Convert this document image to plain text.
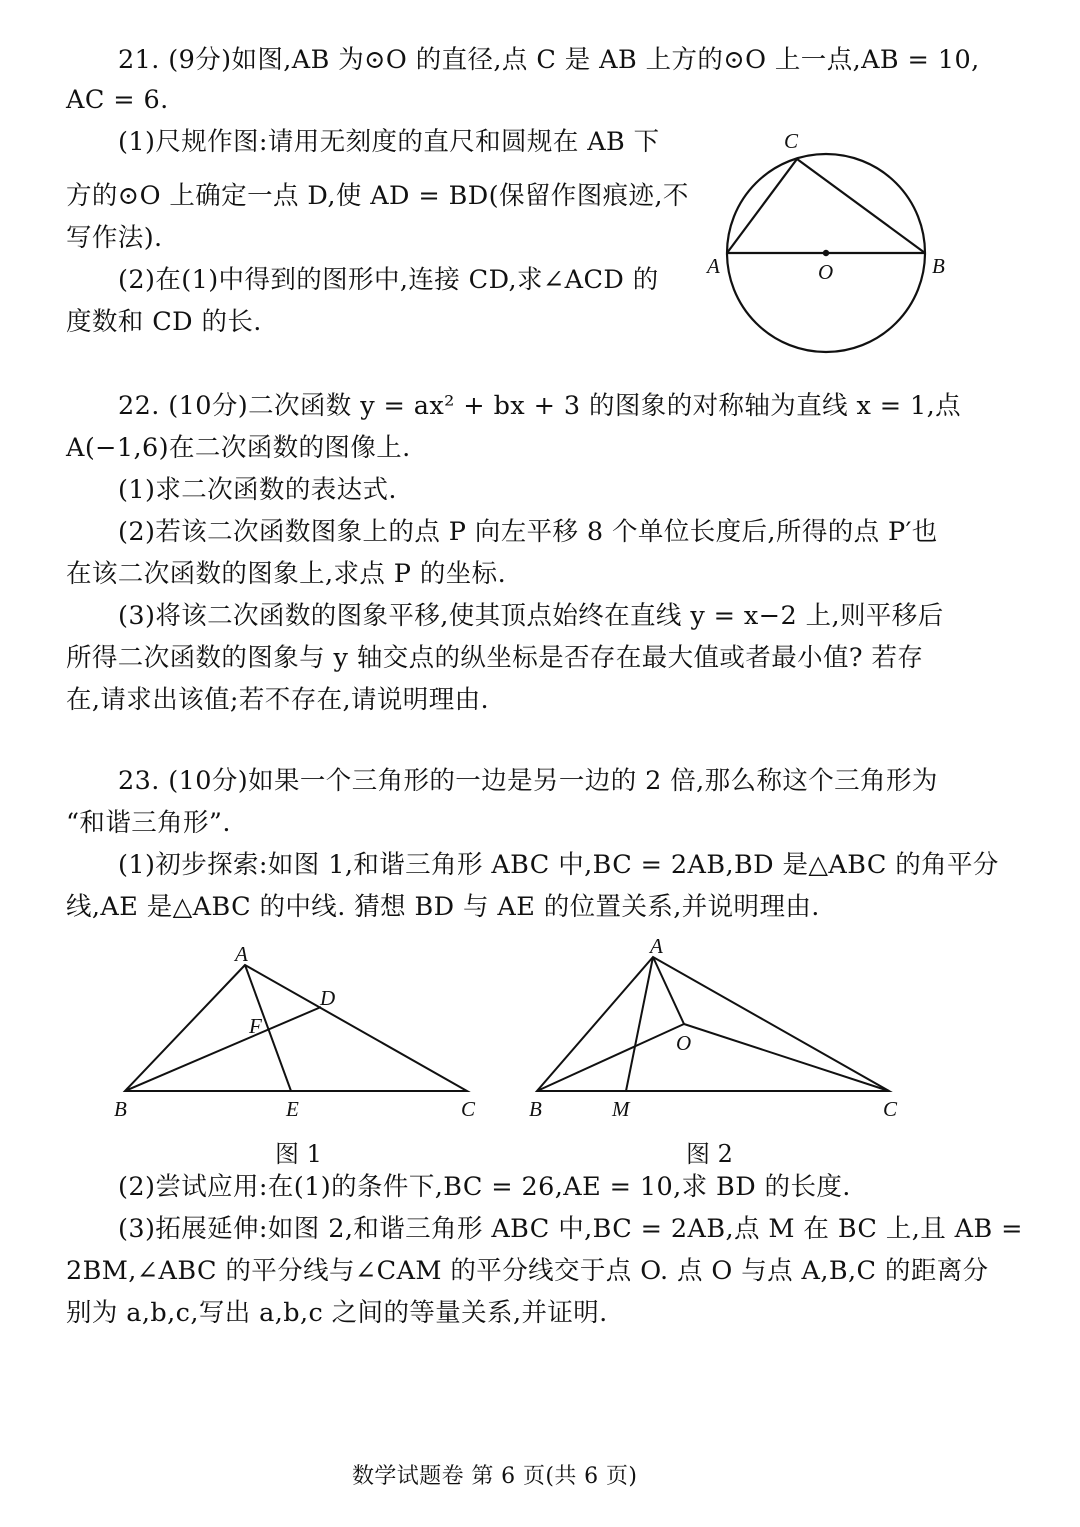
21. (9分)如图,AB 为⊙O 的直径,点 C 是 AB 上方的⊙O 上一点,AB = 10,
AC = 6.
(1)尺规作图:请用无刻度的直尺和圆规在 AB 下
方的⊙O 上确定一点 D,使 AD = BD(保留作图痕迹,不
写作法).
(2)在(1)中得到的图形中,连接 CD,求∠ACD 的
度数和 CD 的长.
C
A	O	B
22. (10分)二次函数 y = ax² + bx + 3 的图象的对称轴为直线 x = 1,点
A(−1,6)在二次函数的图像上.
(1)求二次函数的表达式.
(2)若该二次函数图象上的点 P 向左平移 8 个单位长度后,所得的点 P′也
在该二次函数的图象上,求点 P 的坐标.
(3)将该二次函数的图象平移,使其顶点始终在直线 y = x−2 上,则平移后
所得二次函数的图象与 y 轴交点的纵坐标是否存在最大值或者最小值? 若存
在,请求出该值;若不存在,请说明理由.
23. (10分)如果一个三角形的一边是另一边的 2 倍,那么称这个三角形为
“和谐三角形”.
(1)初步探索:如图 1,和谐三角形 ABC 中,BC = 2AB,BD 是△ABC 的角平分
线,AE 是△ABC 的中线. 猜想 BD 与 AE 的位置关系,并说明理由.
A
D
F
B	E	C
图 1
A
O
B	M	C
图 2
(2)尝试应用:在(1)的条件下,BC = 26,AE = 10,求 BD 的长度.
(3)拓展延伸:如图 2,和谐三角形 ABC 中,BC = 2AB,点 M 在 BC 上,且 AB =
2BM,∠ABC 的平分线与∠CAM 的平分线交于点 O. 点 O 与点 A,B,C 的距离分
别为 a,b,c,写出 a,b,c 之间的等量关系,并证明.
数学试题卷 第 6 页(共 6 页)
